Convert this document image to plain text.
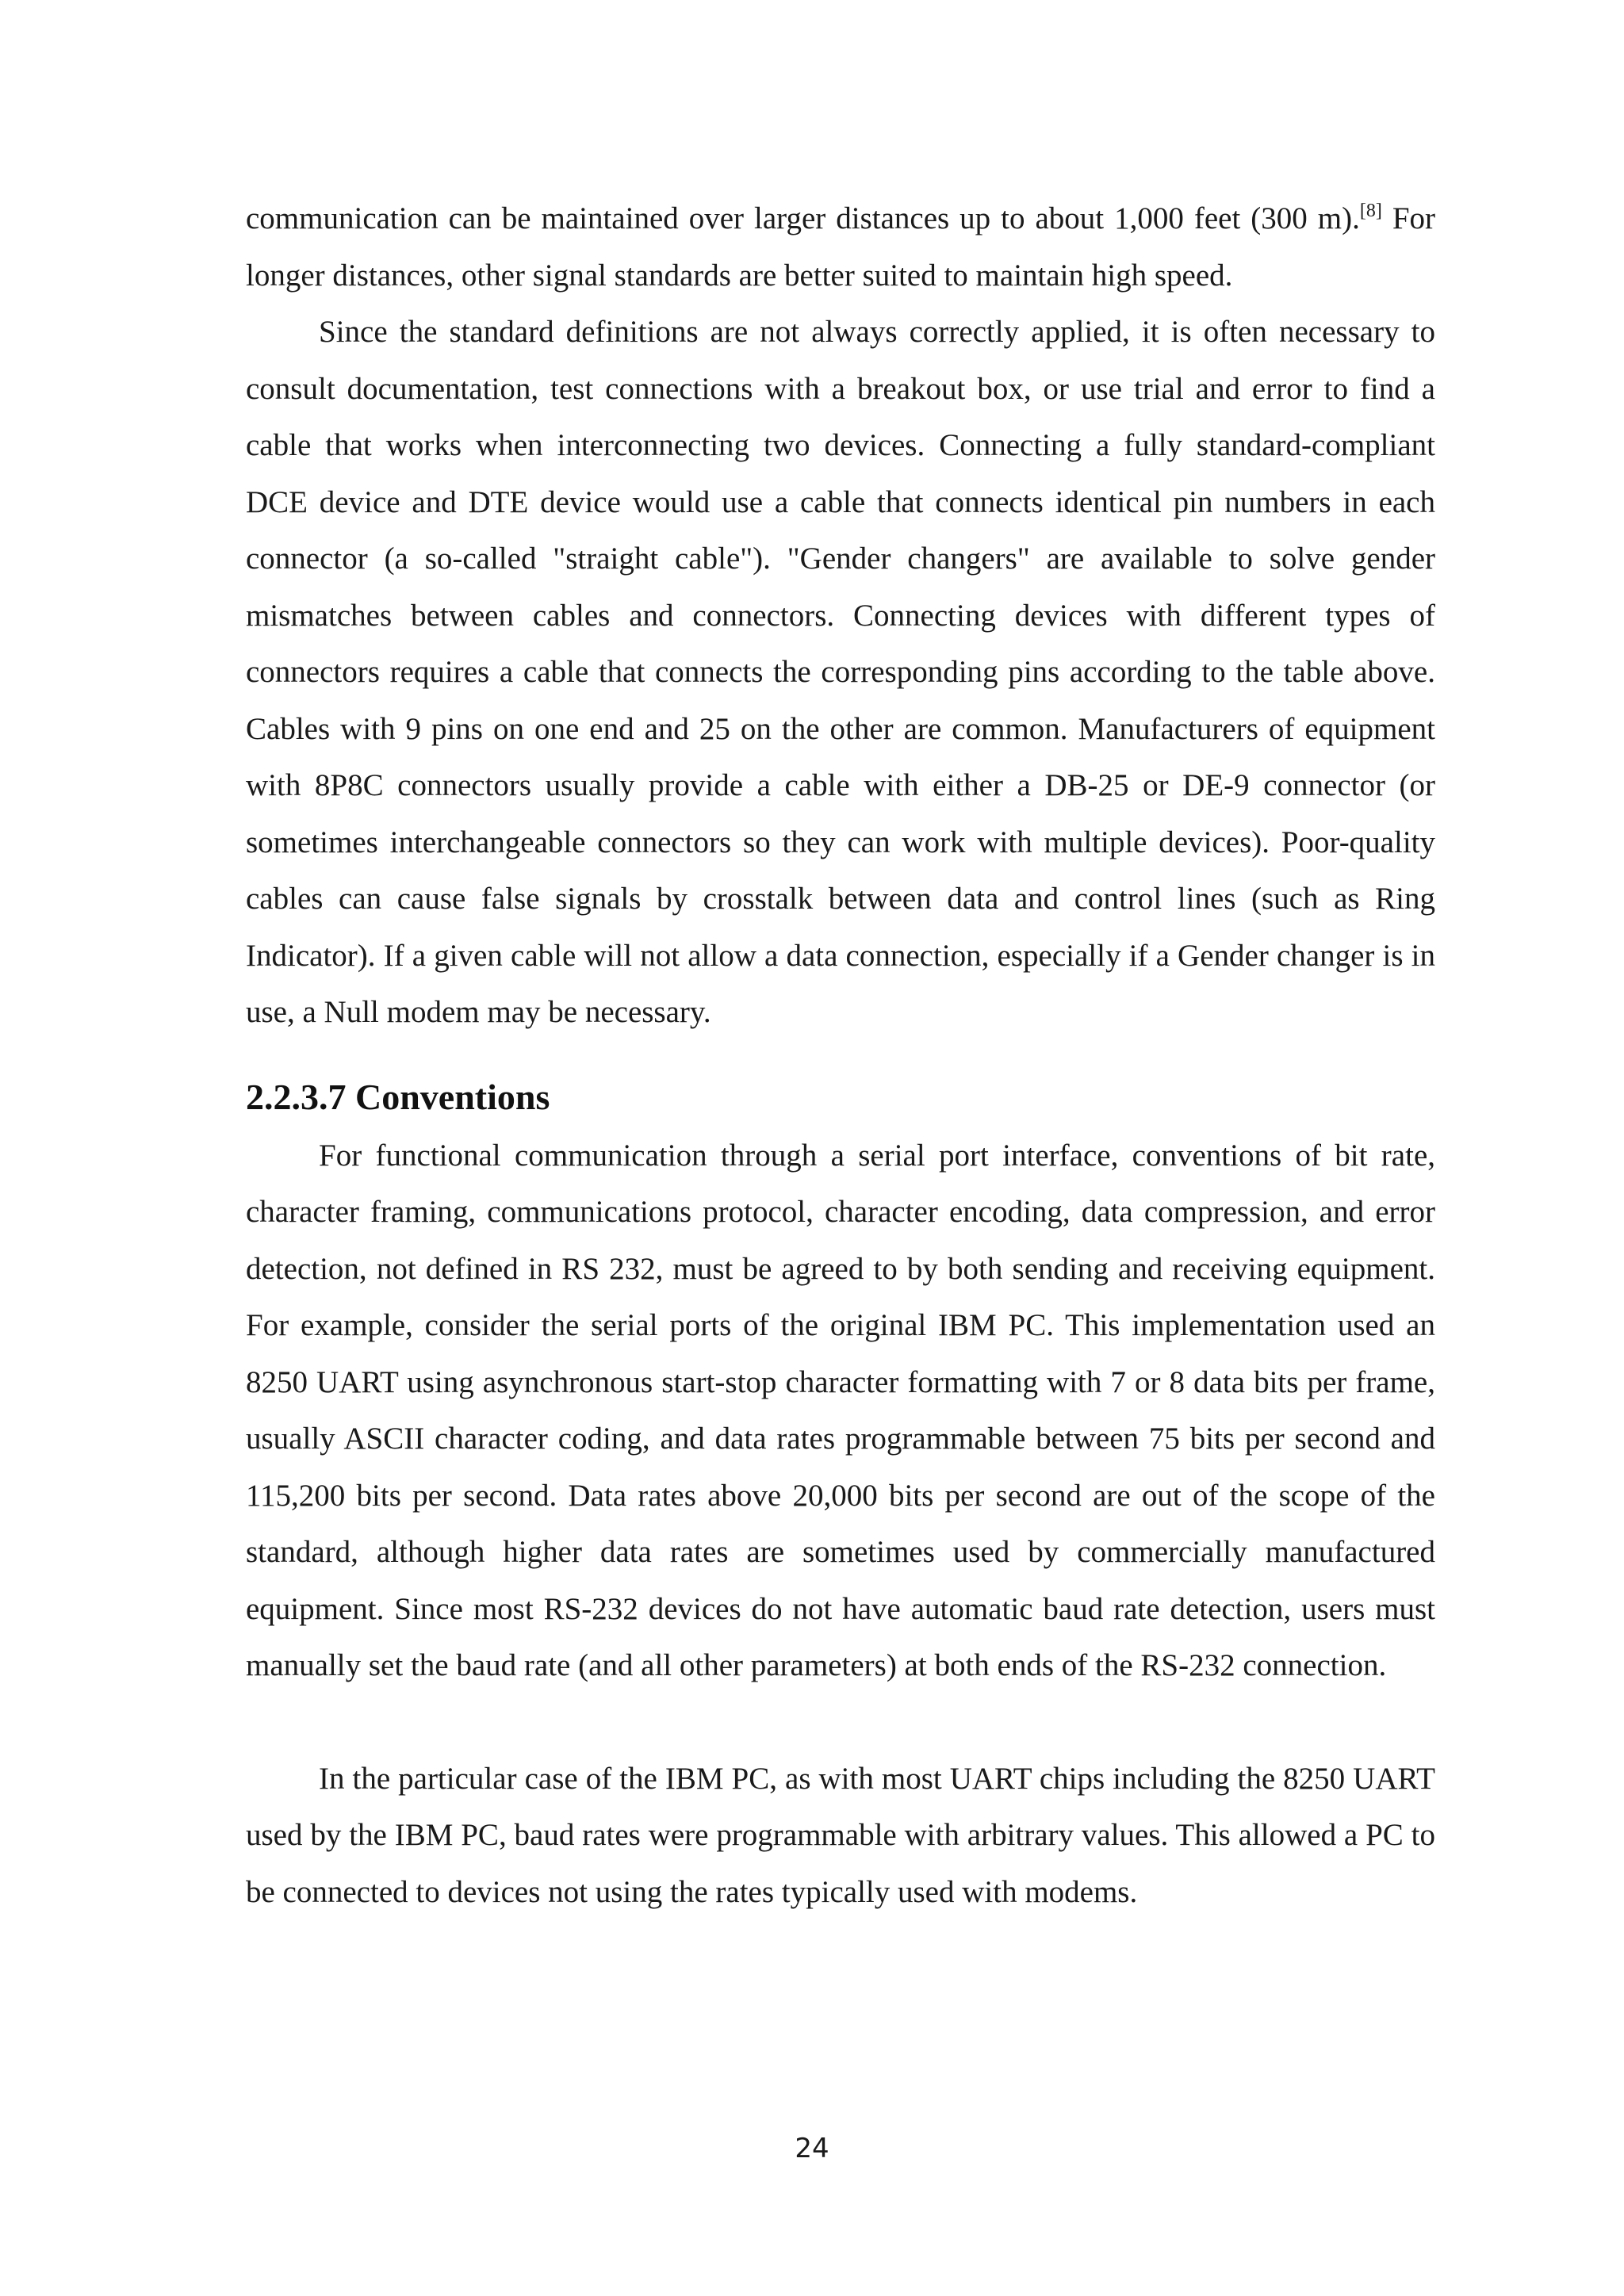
communication can be maintained over larger distances up to about 1,000 feet (300 m).[8] For longer distances, other signal standards are better suited to maintain high speed.

Since the standard definitions are not always correctly applied, it is often necessary to consult documentation, test connections with a breakout box, or use trial and error to find a cable that works when interconnecting two devices. Connecting a fully standard-compliant DCE device and DTE device would use a cable that connects identical pin numbers in each connector (a so-called "straight cable"). "Gender changers" are available to solve gender mismatches between cables and connectors. Connecting devices with different types of connectors requires a cable that connects the corresponding pins according to the table above. Cables with 9 pins on one end and 25 on the other are common. Manufacturers of equipment with 8P8C connectors usually provide a cable with either a DB-25 or DE-9 connector (or sometimes interchangeable connectors so they can work with multiple devices). Poor-quality cables can cause false signals by crosstalk between data and control lines (such as Ring Indicator). If a given cable will not allow a data connection, especially if a Gender changer is in use, a Null modem may be necessary.

2.2.3.7 Conventions

For functional communication through a serial port interface, conventions of bit rate, character framing, communications protocol, character encoding, data compression, and error detection, not defined in RS 232, must be agreed to by both sending and receiving equipment. For example, consider the serial ports of the original IBM PC. This implementation used an 8250 UART using asynchronous start-stop character formatting with 7 or 8 data bits per frame, usually ASCII character coding, and data rates programmable between 75 bits per second and 115,200 bits per second. Data rates above 20,000 bits per second are out of the scope of the standard, although higher data rates are sometimes used by commercially manufactured equipment. Since most RS-232 devices do not have automatic baud rate detection, users must manually set the baud rate (and all other parameters) at both ends of the RS-232 connection.

In the particular case of the IBM PC, as with most UART chips including the 8250 UART used by the IBM PC, baud rates were programmable with arbitrary values. This allowed a PC to be connected to devices not using the rates typically used with modems.

24
